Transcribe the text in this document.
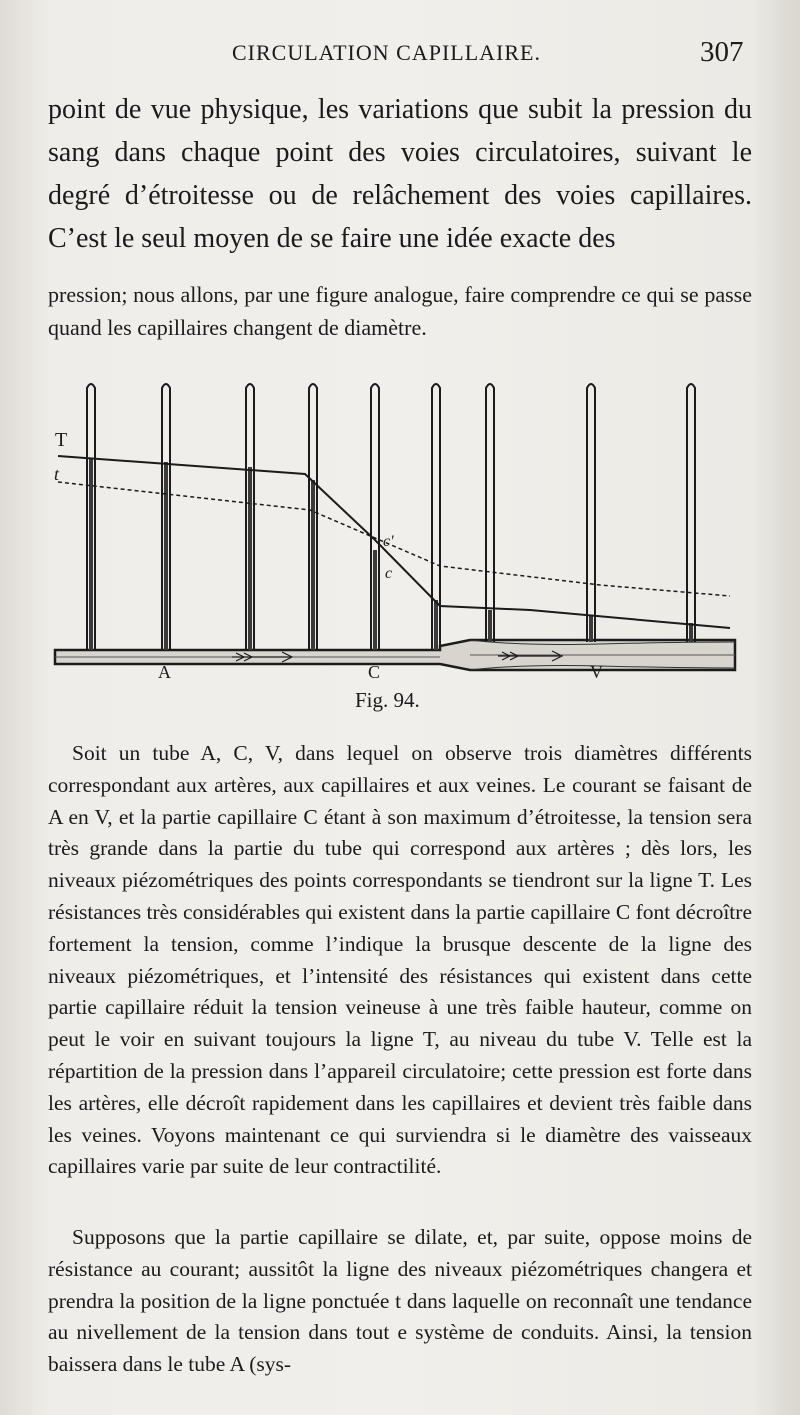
CIRCULATION CAPILLAIRE.	307

point de vue physique, les variations que subit la pression du sang dans chaque point des voies circulatoires, suivant le degré d’étroitesse ou de relâchement des voies capillaires. C’est le seul moyen de se faire une idée exacte des

pression; nous allons, par une figure analogue, faire comprendre ce qui se passe quand les capillaires changent de diamètre.

T
t
c'
c
A	C	V
Fig. 94.

Soit un tube A, C, V, dans lequel on observe trois diamètres différents correspondant aux artères, aux capillaires et aux veines. Le courant se faisant de A en V, et la partie capillaire C étant à son maximum d’étroitesse, la tension sera très grande dans la partie du tube qui correspond aux artères ; dès lors, les niveaux piézométriques des points correspondants se tiendront sur la ligne T. Les résistances très considérables qui existent dans la partie capillaire C font décroître fortement la tension, comme l’indique la brusque descente de la ligne des niveaux piézométriques, et l’intensité des résistances qui existent dans cette partie capillaire réduit la tension veineuse à une très faible hauteur, comme on peut le voir en suivant toujours la ligne T, au niveau du tube V. Telle est la répartition de la pression dans l’appareil circulatoire; cette pression est forte dans les artères, elle décroît rapidement dans les capillaires et devient très faible dans les veines. Voyons maintenant ce qui surviendra si le diamètre des vaisseaux capillaires varie par suite de leur contractilité.

Supposons que la partie capillaire se dilate, et, par suite, oppose moins de résistance au courant; aussitôt la ligne des niveaux piézométriques changera et prendra la position de la ligne ponctuée t dans laquelle on reconnaît une tendance au nivellement de la tension dans tout e système de conduits. Ainsi, la tension baissera dans le tube A (sys-
